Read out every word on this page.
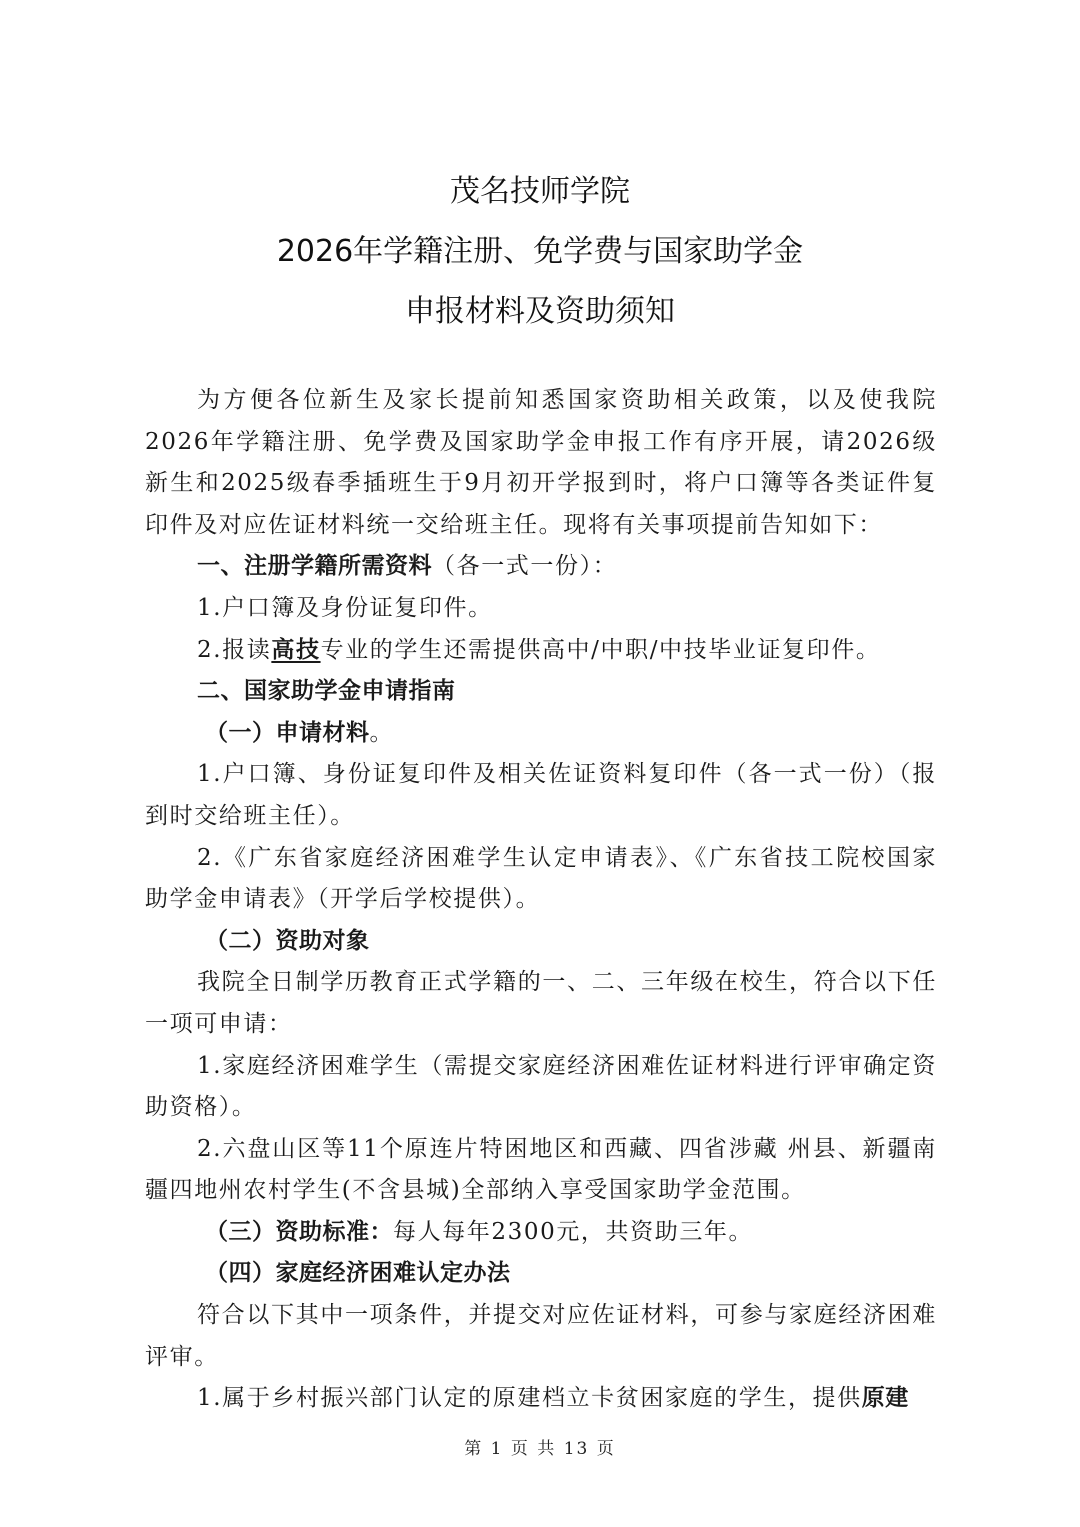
茂名技师学院
2026年学籍注册、免学费与国家助学金
申报材料及资助须知

为方便各位新生及家长提前知悉国家资助相关政策，以及使我院2026年学籍注册、免学费及国家助学金申报工作有序开展，请2026级新生和2025级春季插班生于9月初开学报到时，将户口簿等各类证件复印件及对应佐证材料统一交给班主任。现将有关事项提前告知如下：

一、注册学籍所需资料（各一式一份）：

1.户口簿及身份证复印件。

2.报读高技专业的学生还需提供高中/中职/中技毕业证复印件。

二、国家助学金申请指南

（一）申请材料。

1.户口簿、身份证复印件及相关佐证资料复印件（各一式一份）（报到时交给班主任）。

2.《广东省家庭经济困难学生认定申请表》、《广东省技工院校国家助学金申请表》（开学后学校提供）。

（二）资助对象

我院全日制学历教育正式学籍的一、二、三年级在校生，符合以下任一项可申请：

1.家庭经济困难学生（需提交家庭经济困难佐证材料进行评审确定资助资格）。

2.六盘山区等11个原连片特困地区和西藏、四省涉藏 州县、新疆南疆四地州农村学生(不含县城)全部纳入享受国家助学金范围。

（三）资助标准：每人每年2300元，共资助三年。

（四）家庭经济困难认定办法

符合以下其中一项条件，并提交对应佐证材料，可参与家庭经济困难评审。

1.属于乡村振兴部门认定的原建档立卡贫困家庭的学生，提供原建

第 1 页 共 13 页
